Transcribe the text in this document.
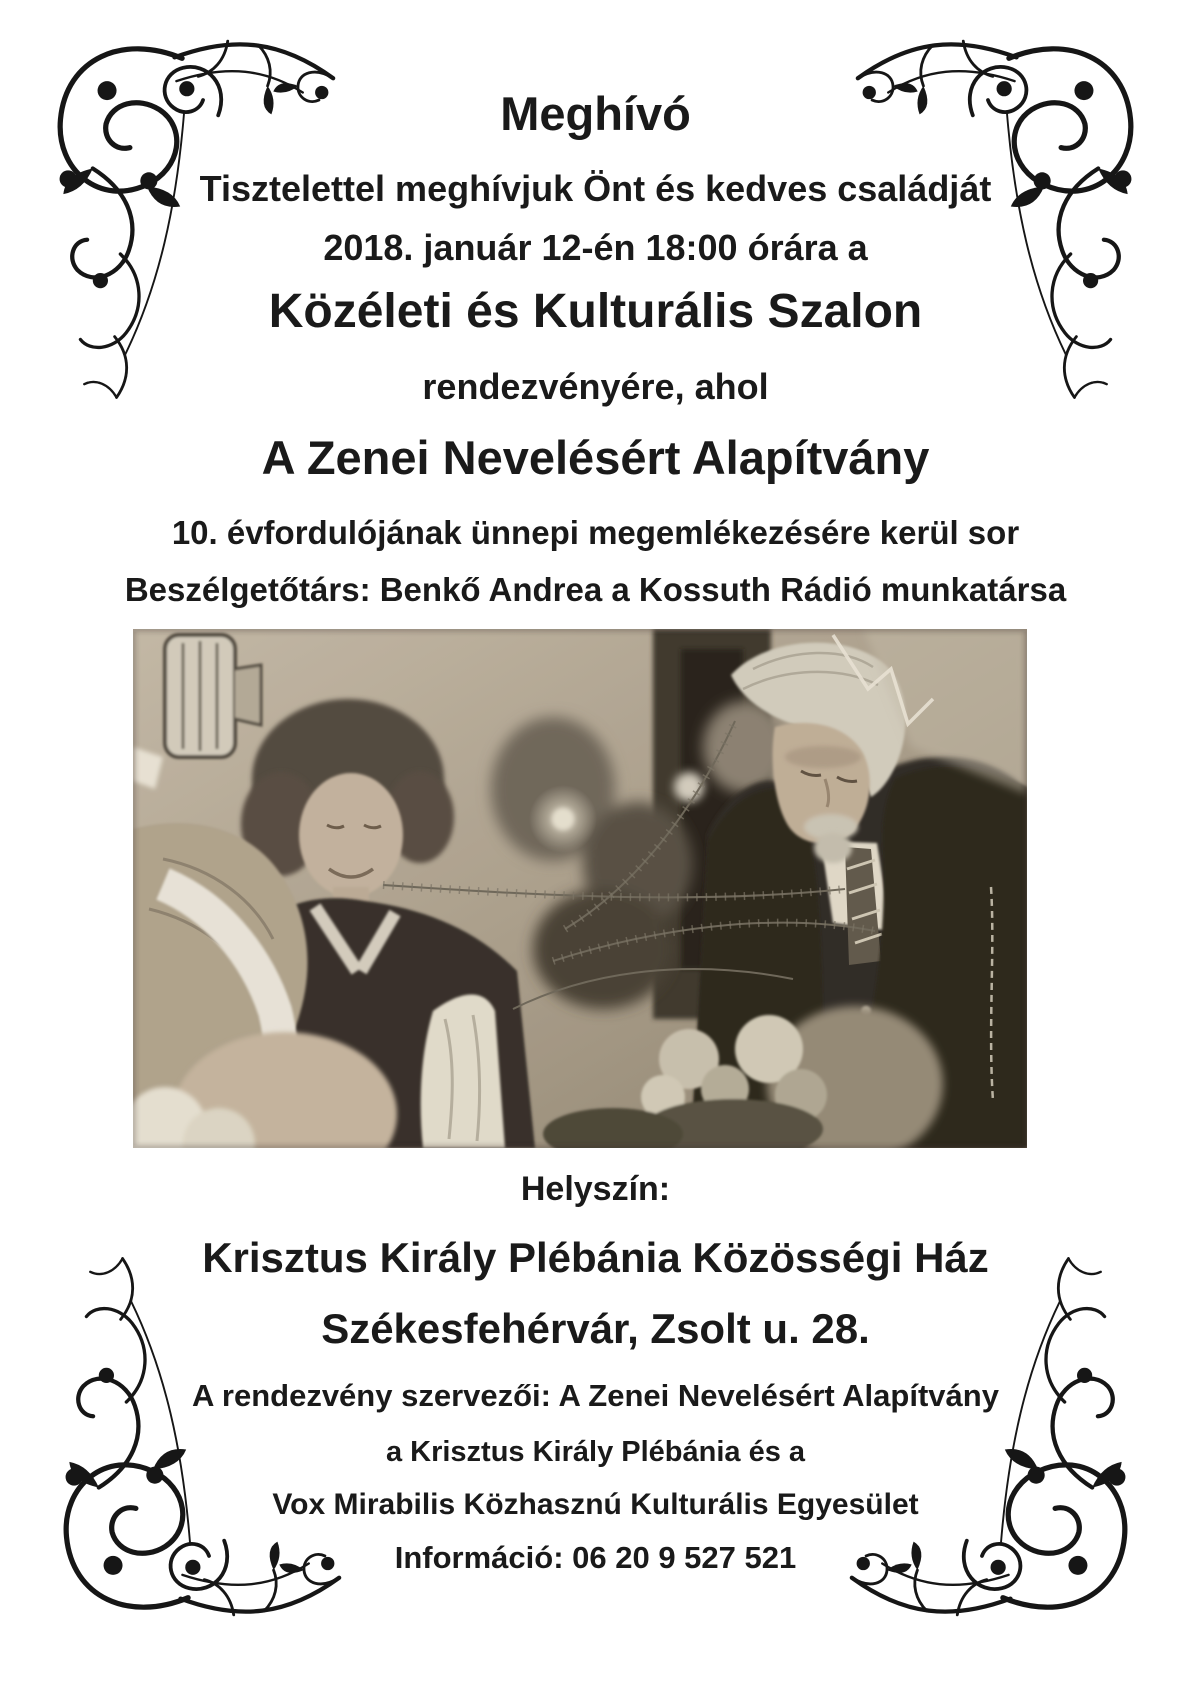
Meghívó
Tisztelettel meghívjuk Önt és kedves családját
2018. január 12-én 18:00 órára a
Közéleti és Kulturális Szalon
rendezvényére, ahol
A Zenei Nevelésért Alapítvány
10. évfordulójának ünnepi megemlékezésére kerül sor
Beszélgetőtárs: Benkő Andrea a Kossuth Rádió munkatársa
Helyszín:
Krisztus Király Plébánia Közösségi Ház
Székesfehérvár, Zsolt u. 28.
A rendezvény szervezői: A Zenei Nevelésért Alapítvány
a Krisztus Király Plébánia és a
Vox Mirabilis Közhasznú Kulturális Egyesület
Információ: 06 20 9 527 521
